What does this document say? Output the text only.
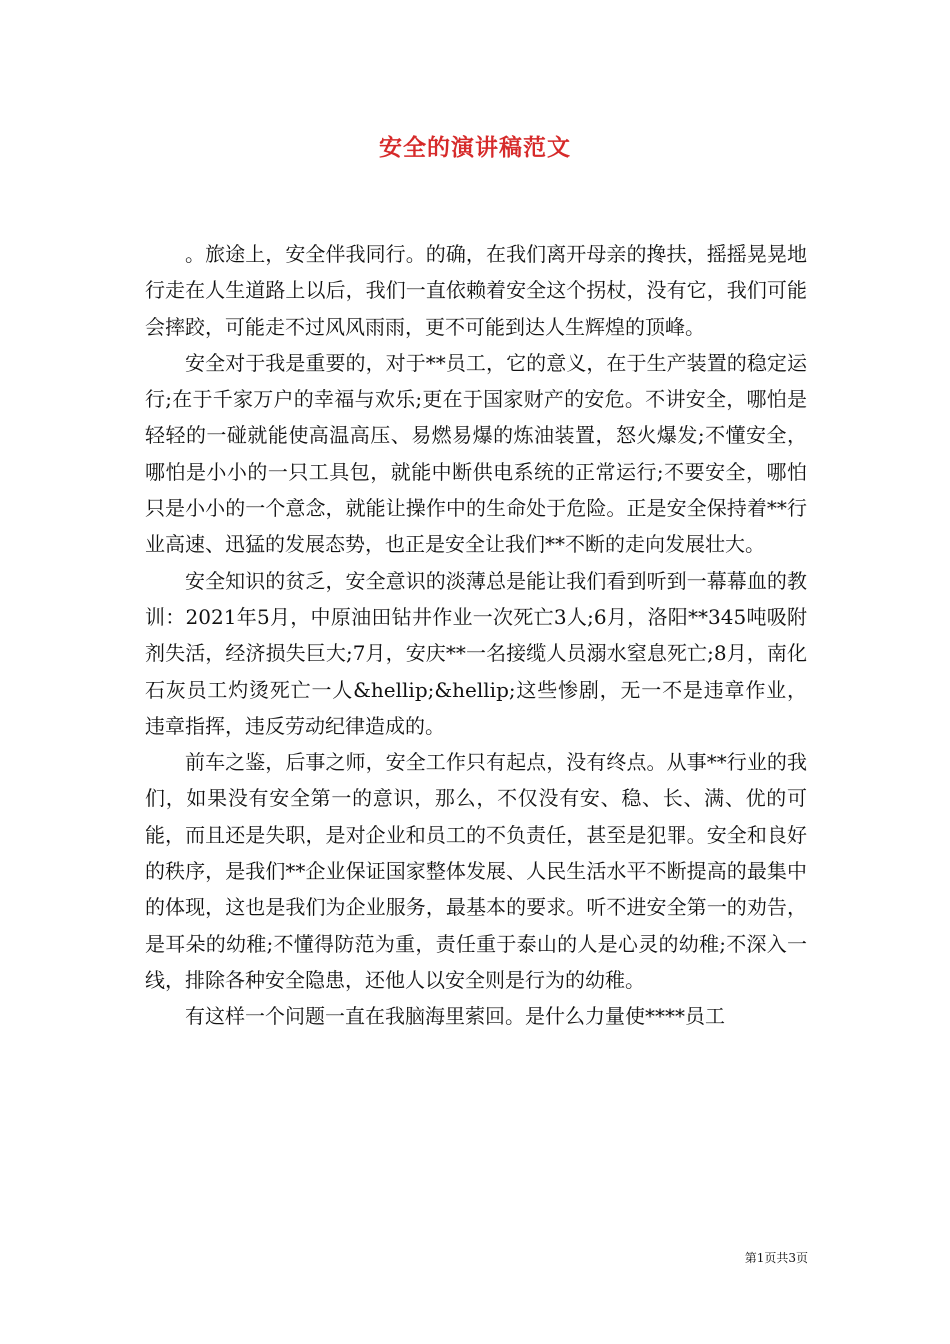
安全的演讲稿范文

。旅途上，安全伴我同行。的确，在我们离开母亲的搀扶，摇摇晃晃地行走在人生道路上以后，我们一直依赖着安全这个拐杖，没有它，我们可能会摔跤，可能走不过风风雨雨，更不可能到达人生辉煌的顶峰。

安全对于我是重要的，对于**员工，它的意义，在于生产装置的稳定运行;在于千家万户的幸福与欢乐;更在于国家财产的安危。不讲安全，哪怕是轻轻的一碰就能使高温高压、易燃易爆的炼油装置，怒火爆发;不懂安全，哪怕是小小的一只工具包，就能中断供电系统的正常运行;不要安全，哪怕只是小小的一个意念，就能让操作中的生命处于危险。正是安全保持着**行业高速、迅猛的发展态势，也正是安全让我们**不断的走向发展壮大。

安全知识的贫乏，安全意识的淡薄总是能让我们看到听到一幕幕血的教训：2021年5月，中原油田钻井作业一次死亡3人;6月，洛阳**345吨吸附剂失活，经济损失巨大;7月，安庆**一名接缆人员溺水窒息死亡;8月，南化石灰员工灼烫死亡一人&hellip;&hellip;这些惨剧，无一不是违章作业，违章指挥，违反劳动纪律造成的。

前车之鉴，后事之师，安全工作只有起点，没有终点。从事**行业的我们，如果没有安全第一的意识，那么，不仅没有安、稳、长、满、优的可能，而且还是失职，是对企业和员工的不负责任，甚至是犯罪。安全和良好的秩序，是我们**企业保证国家整体发展、人民生活水平不断提高的最集中的体现，这也是我们为企业服务，最基本的要求。听不进安全第一的劝告，是耳朵的幼稚;不懂得防范为重，责任重于泰山的人是心灵的幼稚;不深入一线，排除各种安全隐患，还他人以安全则是行为的幼稚。

有这样一个问题一直在我脑海里萦回。是什么力量使****员工

第1页共3页
